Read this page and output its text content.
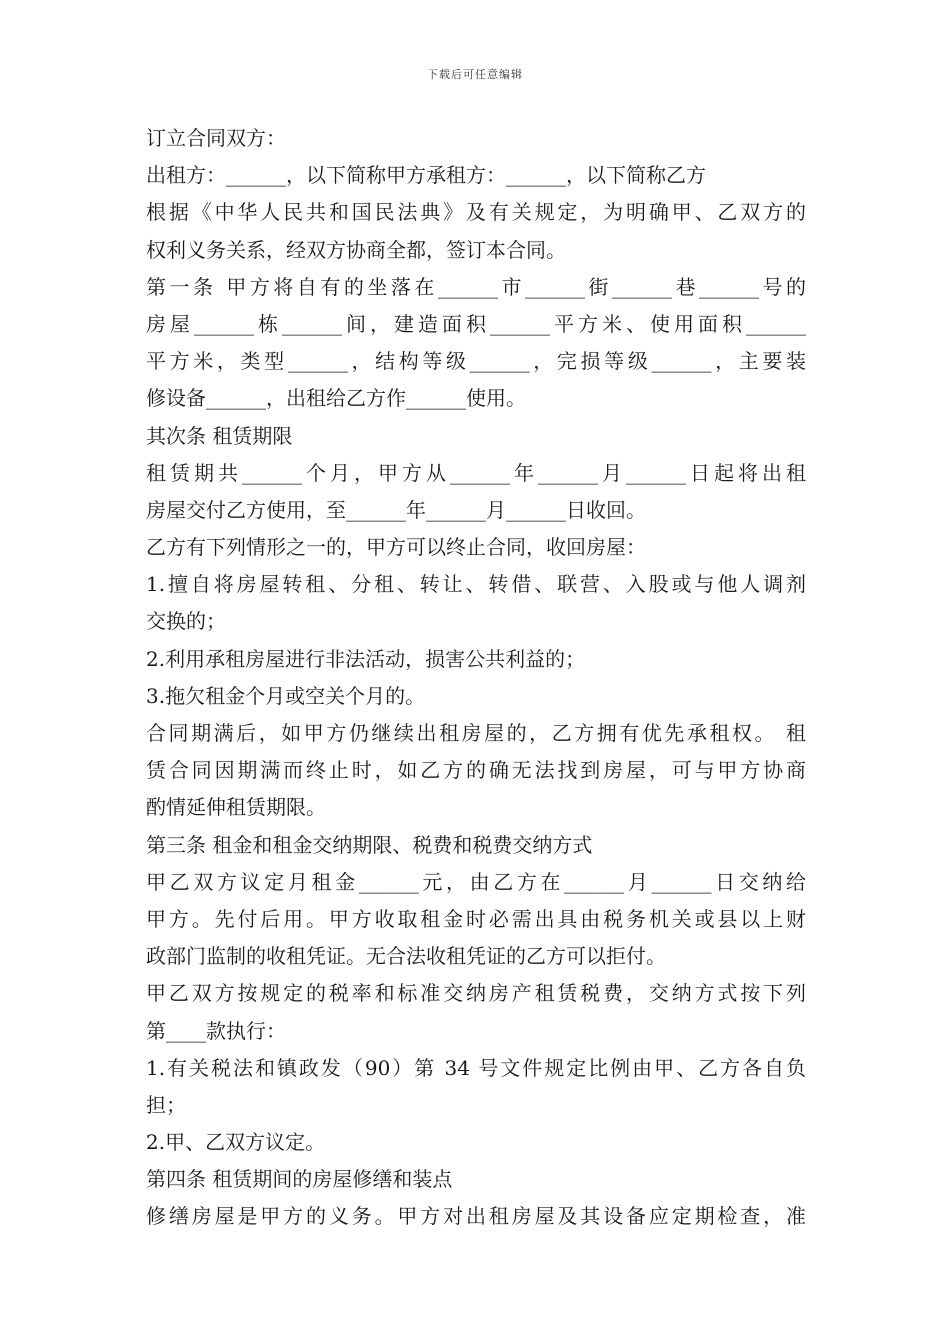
下载后可任意编辑
订立合同双方：
出租方：______，以下简称甲方承租方：______，以下简称乙方
根据《中华人民共和国民法典》及有关规定，为明确甲、乙双方的
权利义务关系，经双方协商全都，签订本合同。
第一条 甲方将自有的坐落在______市______街______巷______号的
房屋______栋______间，建造面积______平方米、使用面积______
平方米，类型______，结构等级______，完损等级______，主要装
修设备______，出租给乙方作______使用。
其次条 租赁期限
租赁期共______个月，甲方从______年______月______日起将出租
房屋交付乙方使用，至______年______月______日收回。
乙方有下列情形之一的，甲方可以终止合同，收回房屋：
1.擅自将房屋转租、分租、转让、转借、联营、入股或与他人调剂
交换的；
2.利用承租房屋进行非法活动，损害公共利益的；
3.拖欠租金个月或空关个月的。
合同期满后，如甲方仍继续出租房屋的，乙方拥有优先承租权。 租
赁合同因期满而终止时，如乙方的确无法找到房屋，可与甲方协商
酌情延伸租赁期限。
第三条 租金和租金交纳期限、税费和税费交纳方式
甲乙双方议定月租金______元，由乙方在______月______日交纳给
甲方。先付后用。甲方收取租金时必需出具由税务机关或县以上财
政部门监制的收租凭证。无合法收租凭证的乙方可以拒付。
甲乙双方按规定的税率和标准交纳房产租赁税费，交纳方式按下列
第____款执行：
1.有关税法和镇政发（90）第 34 号文件规定比例由甲、乙方各自负
担；
2.甲、乙双方议定。
第四条 租赁期间的房屋修缮和装点
修缮房屋是甲方的义务。甲方对出租房屋及其设备应定期检查，准
